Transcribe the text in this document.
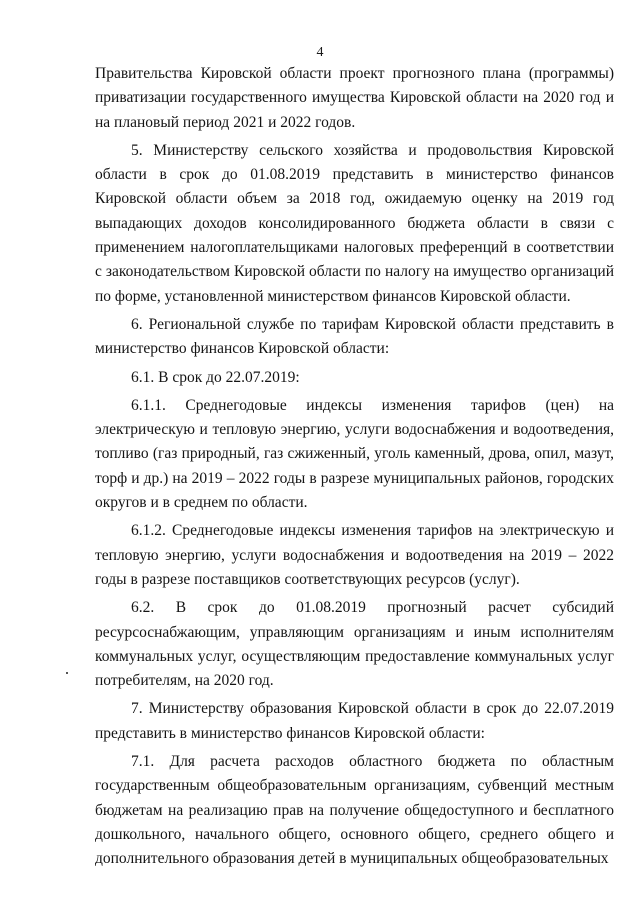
4

Правительства Кировской области проект прогнозного плана (программы) приватизации государственного имущества Кировской области на 2020 год и на плановый период 2021 и 2022 годов.

5. Министерству сельского хозяйства и продовольствия Кировской области в срок до 01.08.2019 представить в министерство финансов Кировской области объем за 2018 год, ожидаемую оценку на 2019 год выпадающих доходов консолидированного бюджета области в связи с применением налогоплательщиками налоговых преференций в соответствии с законодательством Кировской области по налогу на имущество организаций по форме, установленной министерством финансов Кировской области.

6. Региональной службе по тарифам Кировской области представить в министерство финансов Кировской области:

6.1. В срок до 22.07.2019:

6.1.1. Среднегодовые индексы изменения тарифов (цен) на электрическую и тепловую энергию, услуги водоснабжения и водоотведения, топливо (газ природный, газ сжиженный, уголь каменный, дрова, опил, мазут, торф и др.) на 2019 – 2022 годы в разрезе муниципальных районов, городских округов и в среднем по области.

6.1.2. Среднегодовые индексы изменения тарифов на электрическую и тепловую энергию, услуги водоснабжения и водоотведения на 2019 – 2022 годы в разрезе поставщиков соответствующих ресурсов (услуг).

6.2. В срок до 01.08.2019 прогнозный расчет субсидий ресурсоснабжающим, управляющим организациям и иным исполнителям коммунальных услуг, осуществляющим предоставление коммунальных услуг потребителям, на 2020 год.

7. Министерству образования Кировской области в срок до 22.07.2019 представить в министерство финансов Кировской области:

7.1. Для расчета расходов областного бюджета по областным государственным общеобразовательным организациям, субвенций местным бюджетам на реализацию прав на получение общедоступного и бесплатного дошкольного, начального общего, основного общего, среднего общего и дополнительного образования детей в муниципальных общеобразовательных
